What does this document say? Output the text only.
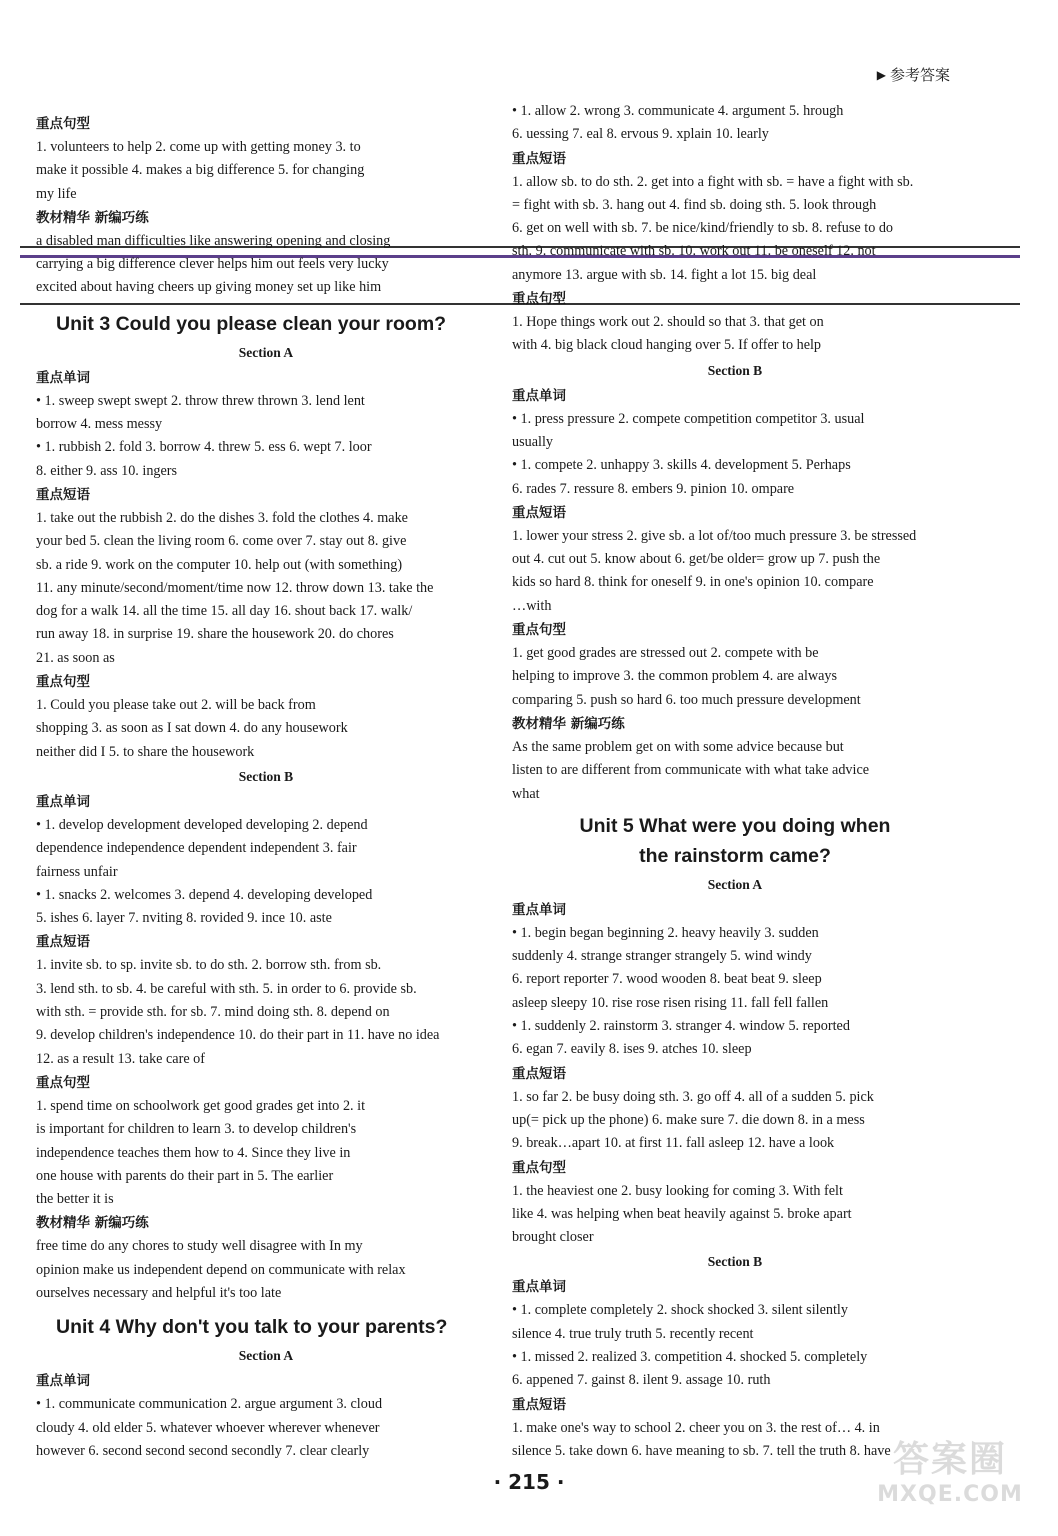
▶ 参考答案
重点句型
1. volunteers to help 2. come up with getting money 3. to
make it possible 4. makes a big difference 5. for changing
my life
教材精华 新编巧练
a disabled man difficulties like answering opening and closing
carrying a big difference clever helps him out feels very lucky
excited about having cheers up giving money set up like him
Unit 3 Could you please clean your room?
Section A
重点单词
• 1. sweep swept swept 2. throw threw thrown 3. lend lent
borrow 4. mess messy
• 1. rubbish 2. fold 3. borrow 4. threw 5. ess 6. wept 7. loor
8. either 9. ass 10. ingers
重点短语
1. take out the rubbish 2. do the dishes 3. fold the clothes 4. make
your bed 5. clean the living room 6. come over 7. stay out 8. give
sb. a ride 9. work on the computer 10. help out (with something)
11. any minute/second/moment/time now 12. throw down 13. take the
dog for a walk 14. all the time 15. all day 16. shout back 17. walk/
run away 18. in surprise 19. share the housework 20. do chores
21. as soon as
重点句型
1. Could you please take out 2. will be back from
shopping 3. as soon as I sat down 4. do any housework
neither did I 5. to share the housework
Section B
重点单词
• 1. develop development developed developing 2. depend
dependence independence dependent independent 3. fair
fairness unfair
• 1. snacks 2. welcomes 3. depend 4. developing developed
5. ishes 6. layer 7. nviting 8. rovided 9. ince 10. aste
重点短语
1. invite sb. to sp. invite sb. to do sth. 2. borrow sth. from sb.
3. lend sth. to sb. 4. be careful with sth. 5. in order to 6. provide sb.
with sth. = provide sth. for sb. 7. mind doing sth. 8. depend on
9. develop children's independence 10. do their part in 11. have no idea
12. as a result 13. take care of
重点句型
1. spend time on schoolwork get good grades get into 2. it
is important for children to learn 3. to develop children's
independence teaches them how to 4. Since they live in
one house with parents do their part in 5. The earlier
the better it is
教材精华 新编巧练
free time do any chores to study well disagree with In my
opinion make us independent depend on communicate with relax
ourselves necessary and helpful it's too late
Unit 4 Why don't you talk to your parents?
Section A
重点单词
• 1. communicate communication 2. argue argument 3. cloud
cloudy 4. old elder 5. whatever whoever wherever whenever
however 6. second second second secondly 7. clear clearly
• 1. allow 2. wrong 3. communicate 4. argument 5. hrough
6. uessing 7. eal 8. ervous 9. xplain 10. learly
重点短语
1. allow sb. to do sth. 2. get into a fight with sb. = have a fight with sb.
= fight with sb. 3. hang out 4. find sb. doing sth. 5. look through
6. get on well with sb. 7. be nice/kind/friendly to sb. 8. refuse to do
sth. 9. communicate with sb. 10. work out 11. be oneself 12. not
anymore 13. argue with sb. 14. fight a lot 15. big deal
重点句型
1. Hope things work out 2. should so that 3. that get on
with 4. big black cloud hanging over 5. If offer to help
Section B
重点单词
• 1. press pressure 2. compete competition competitor 3. usual
usually
• 1. compete 2. unhappy 3. skills 4. development 5. Perhaps
6. rades 7. ressure 8. embers 9. pinion 10. ompare
重点短语
1. lower your stress 2. give sb. a lot of/too much pressure 3. be stressed
out 4. cut out 5. know about 6. get/be older= grow up 7. push the
kids so hard 8. think for oneself 9. in one's opinion 10. compare
…with
重点句型
1. get good grades are stressed out 2. compete with be
helping to improve 3. the common problem 4. are always
comparing 5. push so hard 6. too much pressure development
教材精华 新编巧练
As the same problem get on with some advice because but
listen to are different from communicate with what take advice
what
Unit 5 What were you doing when
the rainstorm came?
Section A
重点单词
• 1. begin began beginning 2. heavy heavily 3. sudden
suddenly 4. strange stranger strangely 5. wind windy
6. report reporter 7. wood wooden 8. beat beat 9. sleep
asleep sleepy 10. rise rose risen rising 11. fall fell fallen
• 1. suddenly 2. rainstorm 3. stranger 4. window 5. reported
6. egan 7. eavily 8. ises 9. atches 10. sleep
重点短语
1. so far 2. be busy doing sth. 3. go off 4. all of a sudden 5. pick
up(= pick up the phone) 6. make sure 7. die down 8. in a mess
9. break…apart 10. at first 11. fall asleep 12. have a look
重点句型
1. the heaviest one 2. busy looking for coming 3. With felt
like 4. was helping when beat heavily against 5. broke apart
brought closer
Section B
重点单词
• 1. complete completely 2. shock shocked 3. silent silently
silence 4. true truly truth 5. recently recent
• 1. missed 2. realized 3. competition 4. shocked 5. completely
6. appened 7. gainst 8. ilent 9. assage 10. ruth
重点短语
1. make one's way to school 2. cheer you on 3. the rest of… 4. in
silence 5. take down 6. have meaning to sb. 7. tell the truth 8. have
· 215 ·
答案圈
MXQE.COM
